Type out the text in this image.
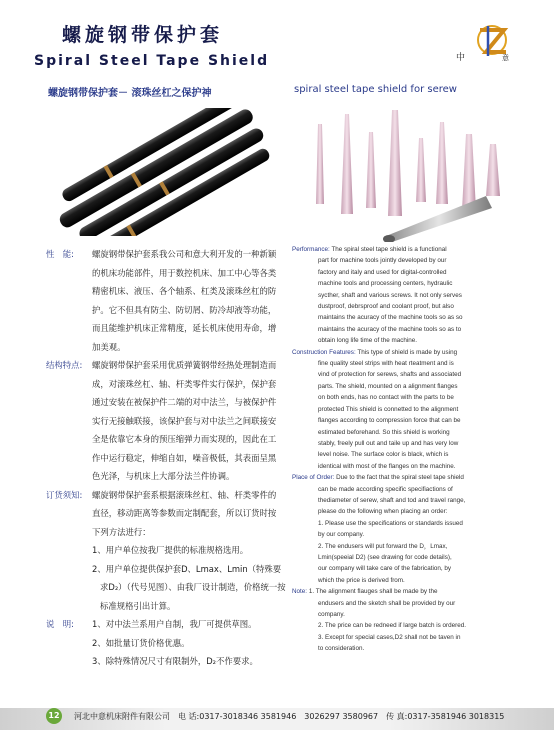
螺旋钢带保护套
Spiral Steel Tape Shield	中	意
螺旋钢带保护套－ 滚珠丝杠之保护神	spiral steel tape shield for serew
性　能:	螺旋钢带保护套系我公司和意大利开发的一种新颖的机床功能部件，用于数控机床、加工中心等各类精密机床、液压、各个轴系、杠类及滚珠丝杠的防护。它不但具有防尘、防切屑、防冷却液等功能，而且能维护机床正常精度，延长机床使用寿命，增加美观。
结构特点:	螺旋钢带保护套采用优质弹簧钢带经热处理制造而成，对滚珠丝杠、轴、杆类零件实行保护，保护套通过安装在被保护件二端的对中法兰，与被保护件实行无接触联接，该保护套与对中法兰之间联接安全是依靠它本身的预压缩弹力而实现的，因此在工作中运行稳定，伸缩自如，噪音极低，其表面呈黑色光泽，与机床上大部分法兰件协调。
订货须知:	螺旋钢带保护套系根据滚珠丝杠、轴、杆类零件的直径，移动距离等参数而定制配套，所以订货时按下列方法进行：
1、用户单位按我厂提供的标准规格选用。
2、用户单位提供保护套D、Lmax、Lmin（特殊要求D₂）（代号见图）、由我厂设计制造，价格统一按标准规格引出计算。
说　明:	1、对中法兰系用户自制，我厂可提供草图。
2、如批量订货价格优惠。
3、除特殊情况尺寸有限制外，D₂不作要求。
Performance: The spiral steel tape shield is a functional
part for machine tools jointly developed by our
factory and italy and used for digital-controlled
machine tools and processing centers, hydraulic
sycther, shaft and various screws. It not only serves
dustproof, debrsproof and coolant proof, but also
maintains the acuracy of the machine tools so as so
maintains the acuracy of the machine tools so as to
obtain long life time of the machine.
Construction Features: This type of shield is made by using
fine quality steel strips with heat rteatment and is
vind of protection for serews, shafts and associated
parts. The shield, mounted on a alignment flanges
on both ends, has no contact with the parts to be
protected This shield is connetted to the alignment
flanges according to compression force that can be
estimated beforehand. So this shield is working
stably, freely pull out and taile up and has very low
level noise. The surface color is black, which is
identical with most of the flanges on the machine.
Place of Order: Due to the fact that the spiral steel tape shield
can be made according specific specifiactions of
thediameter of serew, shaft and tod and travel range,
please do the following when placing an order:
1. Please use the specifications or standards issued
by our company.
2. The endusers will put forward the D，Lmax,
Lmin(speeial D2) (see drawing for code details),
our company will take care of the fabrication, by
which the price is derived from.
Note: 1. The alignment flauges shall be made by the
endusers and the sketch shall be provided by our
company.
2. The price can be redneed if large batch is ordered.
3. Except for special cases,D2 shall not be taven in
to consideration.
12	河北中意机床附件有限公司　电 话:0317-3018346 3581946　3026297 3580967　传 真:0317-3581946 3018315
